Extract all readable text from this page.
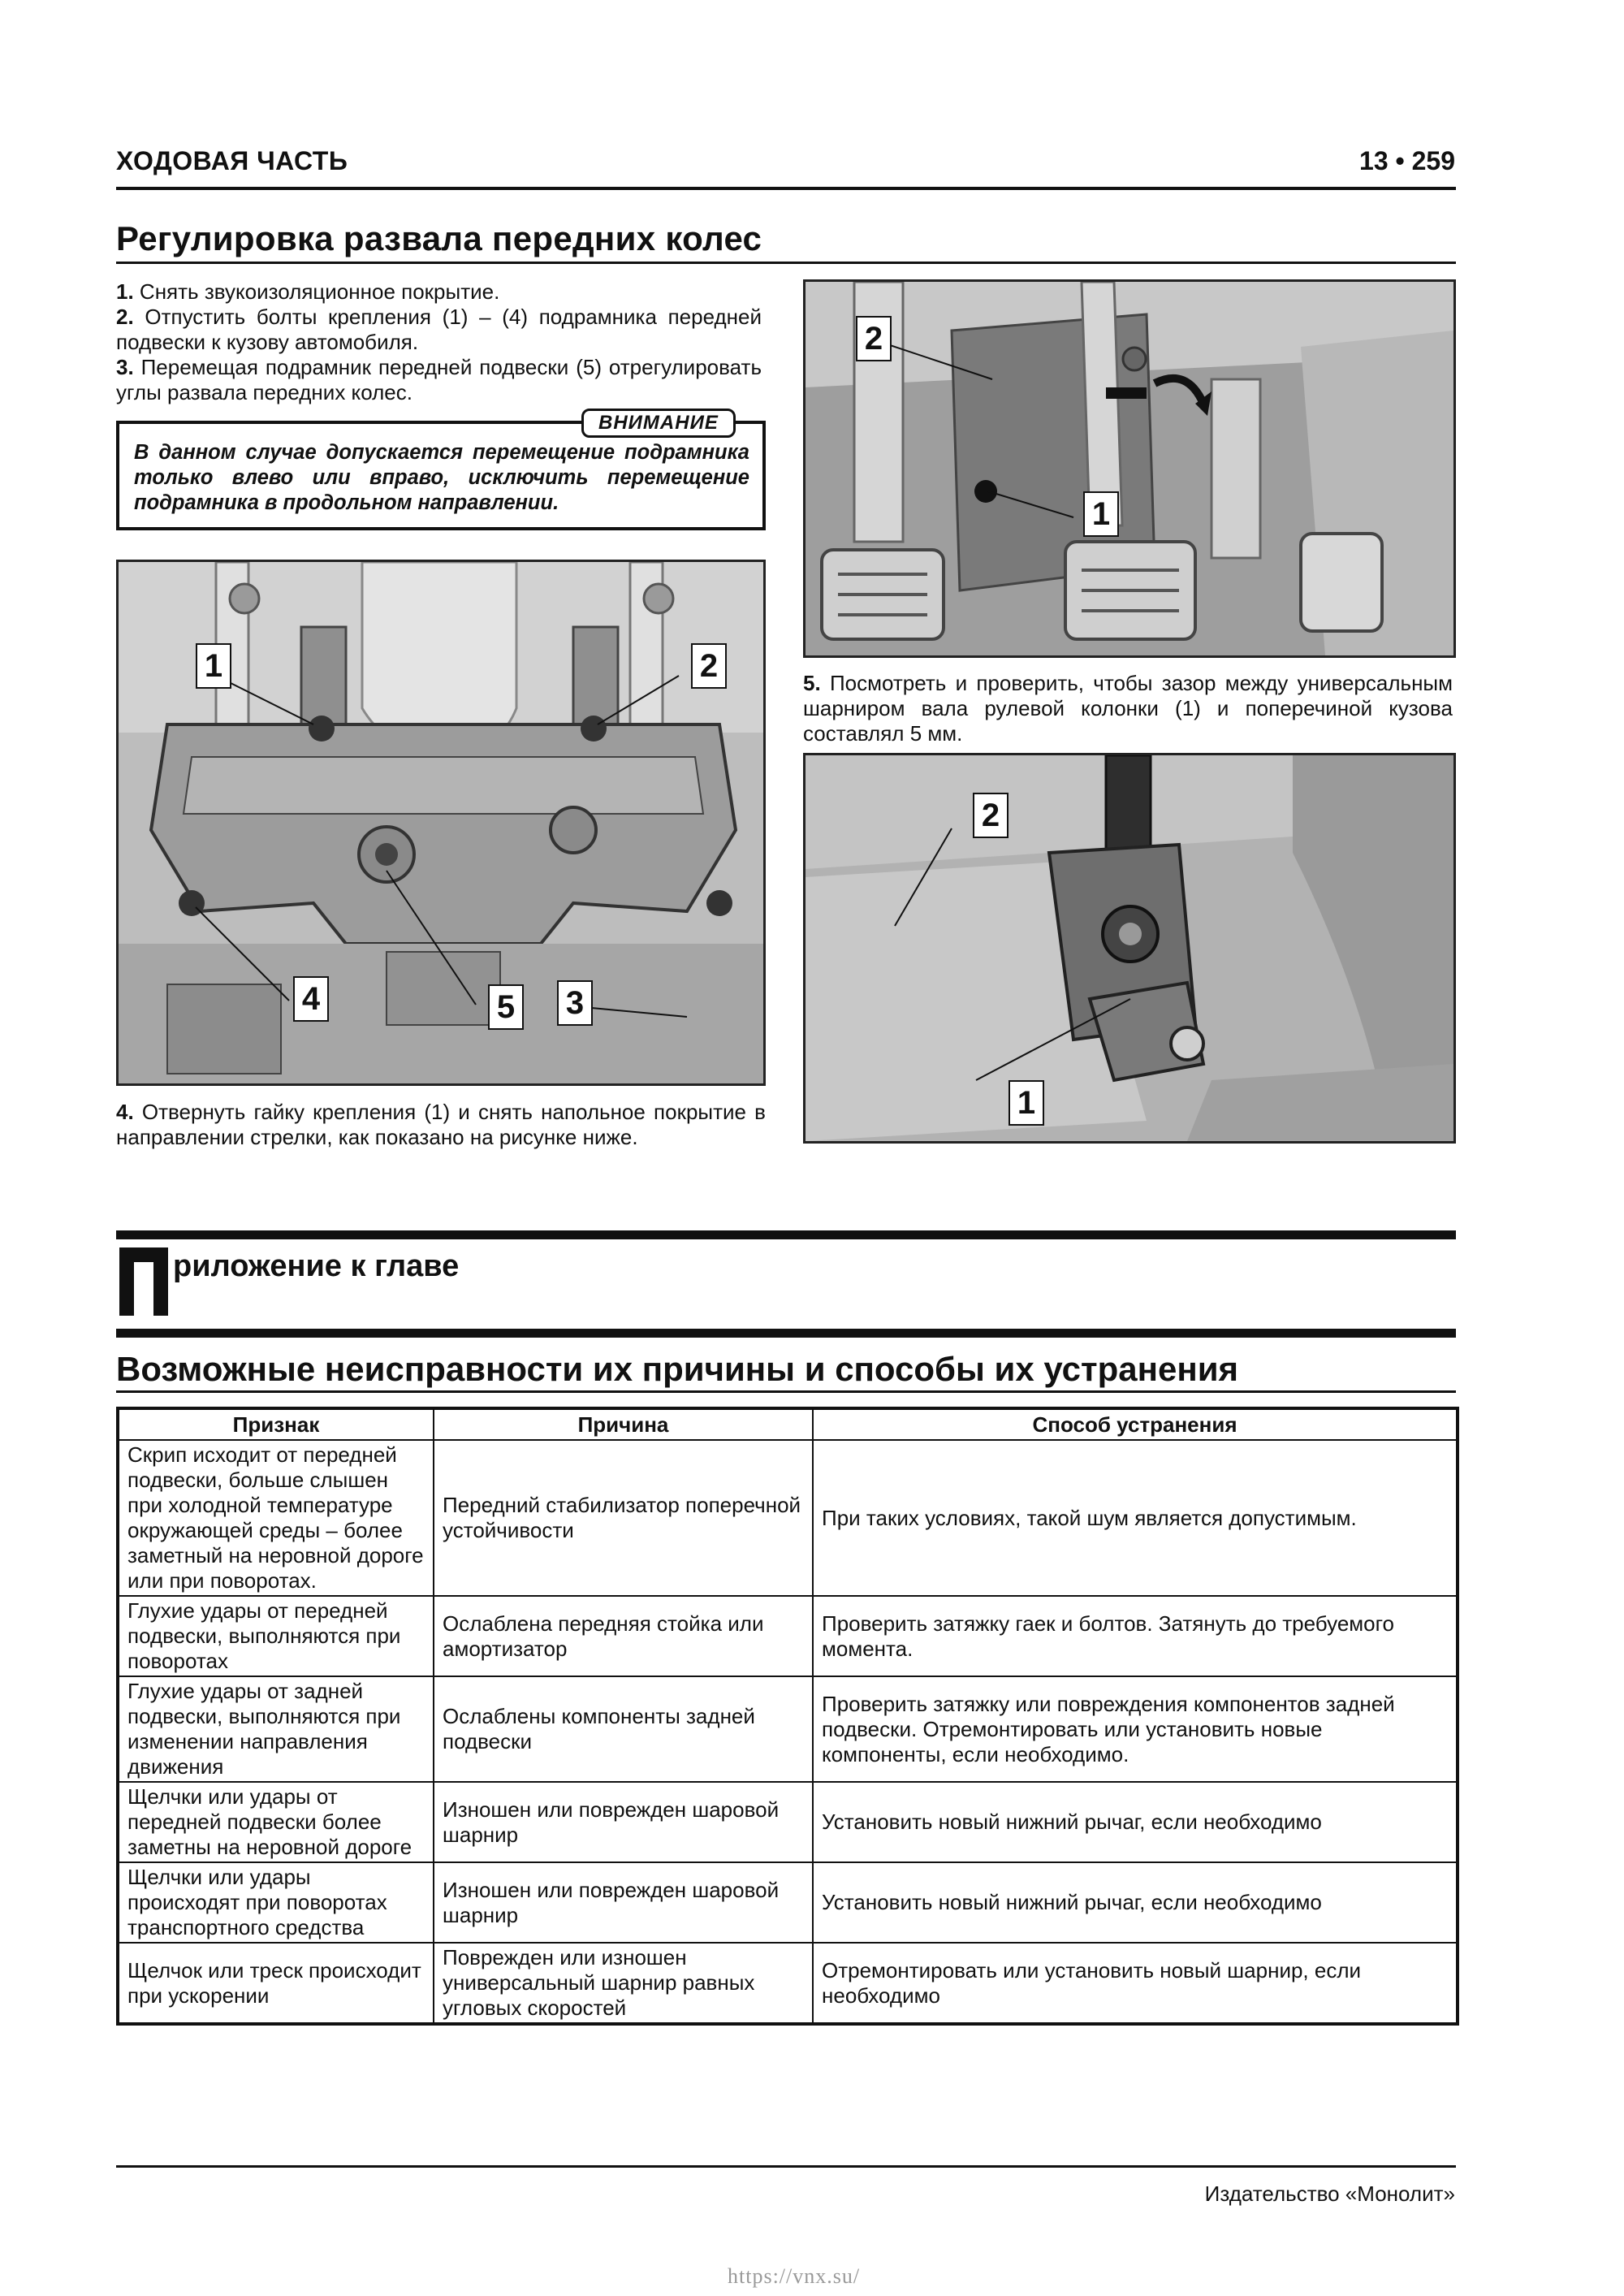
ХОДОВАЯ ЧАСТЬ	13 • 259
Регулировка развала передних колес
1. Снять звукоизоляционное покрытие.
2. Отпустить болты крепления (1) – (4) подрамника передней подвески к кузову автомобиля.
3. Перемещая подрамник передней подвески (5) отрегулировать углы развала передних колес.
ВНИМАНИЕ
В данном случае допускается перемещение подрамника только влево или вправо, исключить перемещение подрамника в продольном направлении.
1	2
4	5 3
4. Отвернуть гайку крепления (1) и снять напольное покрытие в направлении стрелки, как показано на рисунке ниже.
2
1
5. Посмотреть и проверить, чтобы зазор между универсальным шарниром вала рулевой колонки (1) и поперечиной кузова составлял 5 мм.
2
1
риложение к главе
Возможные неисправности их причины и способы их устранения
Признак	Причина	Способ устранения
Скрип исходит от передней подвески, больше слышен при холодной температуре окружающей среды – более заметный на неровной дороге или при поворотах.	Передний стабилизатор поперечной устойчивости	При таких условиях, такой шум является допустимым.
Глухие удары от передней подвески, выполняются при поворотах	Ослаблена передняя стойка или амортизатор	Проверить затяжку гаек и болтов. Затянуть до требуемого момента.
Глухие удары от задней подвески, выполняются при изменении направления движения	Ослаблены компоненты задней подвески	Проверить затяжку или повреждения компонентов задней подвески. Отремонтировать или установить новые компоненты, если необходимо.
Щелчки или удары от передней подвески более заметны на неровной дороге	Изношен или поврежден шаровой шарнир	Установить новый нижний рычаг, если необходимо
Щелчки или удары происходят при поворотах транспортного средства	Изношен или поврежден шаровой шарнир	Установить новый нижний рычаг, если необходимо
Щелчок или треск происходит при ускорении	Поврежден или изношен универсальный шарнир равных угловых скоростей	Отремонтировать или установить новый шарнир, если необходимо
Издательство «Монолит»
https://vnx.su/
